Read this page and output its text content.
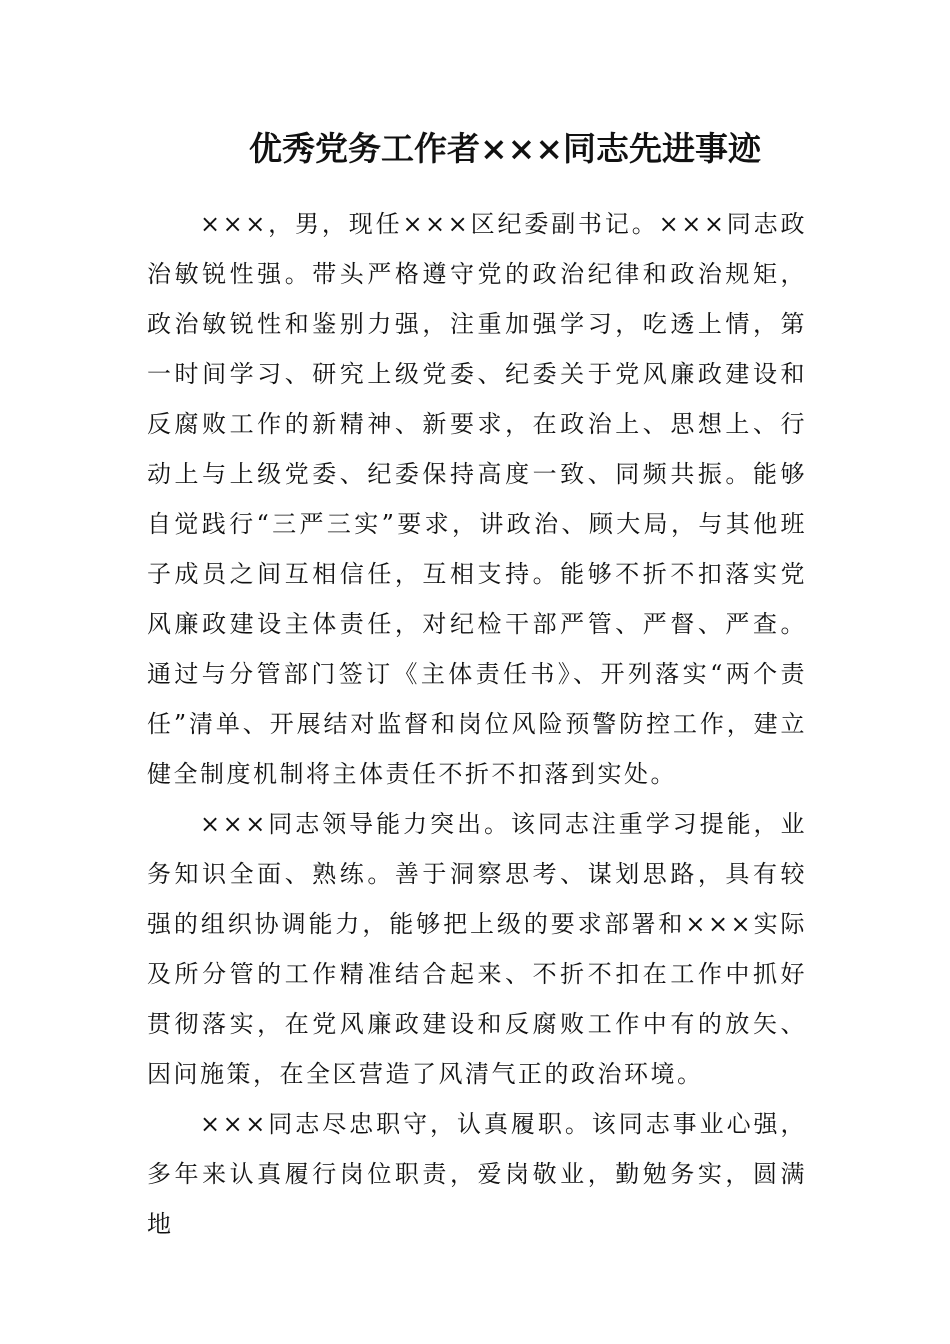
优秀党务工作者×××同志先进事迹

×××，男，现任×××区纪委副书记。×××同志政治敏锐性强。带头严格遵守党的政治纪律和政治规矩，政治敏锐性和鉴别力强，注重加强学习，吃透上情，第一时间学习、研究上级党委、纪委关于党风廉政建设和反腐败工作的新精神、新要求，在政治上、思想上、行动上与上级党委、纪委保持高度一致、同频共振。能够自觉践行“三严三实”要求，讲政治、顾大局，与其他班子成员之间互相信任，互相支持。能够不折不扣落实党风廉政建设主体责任，对纪检干部严管、严督、严查。通过与分管部门签订《主体责任书》、开列落实“两个责任”清单、开展结对监督和岗位风险预警防控工作，建立健全制度机制将主体责任不折不扣落到实处。

×××同志领导能力突出。该同志注重学习提能，业务知识全面、熟练。善于洞察思考、谋划思路，具有较强的组织协调能力，能够把上级的要求部署和×××实际及所分管的工作精准结合起来、不折不扣在工作中抓好贯彻落实，在党风廉政建设和反腐败工作中有的放矢、因问施策，在全区营造了风清气正的政治环境。

×××同志尽忠职守，认真履职。该同志事业心强，多年来认真履行岗位职责，爱岗敬业，勤勉务实，圆满地
